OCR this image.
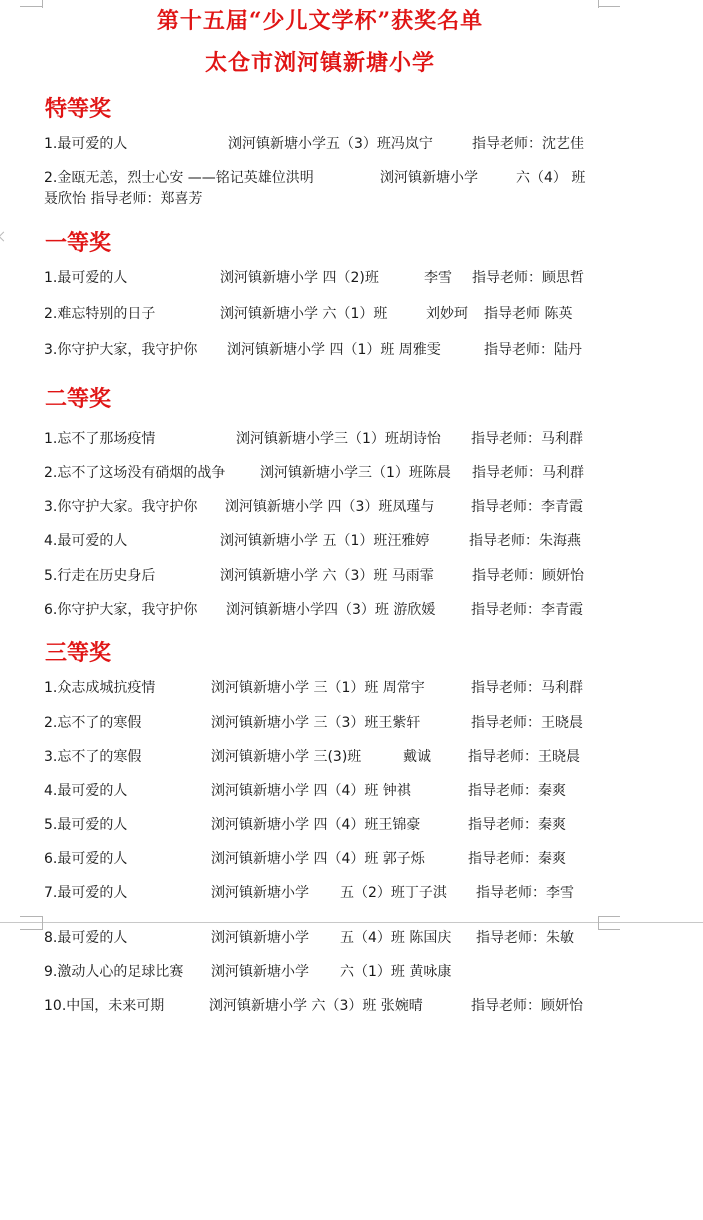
第十五届“少儿文学杯”获奖名单
太仓市浏河镇新塘小学
特等奖
1.最可爱的人	浏河镇新塘小学五（3）班冯岚宁	指导老师：沈艺佳
2.金瓯无恙，烈士心安 ——铭记英雄位洪明	浏河镇新塘小学	六（4） 班
聂欣怡 指导老师：郑喜芳
一等奖
1.最可爱的人	浏河镇新塘小学 四（2)班	李雪 指导老师：顾思哲
2.难忘特别的日子	浏河镇新塘小学 六（1）班	刘妙珂 指导老师 陈英
3.你守护大家，我守护你 浏河镇新塘小学 四（1）班 周雅雯	指导老师：陆丹
二等奖
1.忘不了那场疫情	浏河镇新塘小学三（1）班胡诗怡 指导老师：马利群
2.忘不了这场没有硝烟的战争 浏河镇新塘小学三（1）班陈晨 指导老师：马利群
3.你守护大家。我守护你 浏河镇新塘小学 四（3）班凤瑾与	指导老师：李青霞
4.最可爱的人	浏河镇新塘小学 五（1）班汪雅婷	指导老师：朱海燕
5.行走在历史身后	浏河镇新塘小学 六（3）班 马雨霏	指导老师：顾妍怡
6.你守护大家，我守护你 浏河镇新塘小学四（3）班 游欣媛	指导老师：李青霞
三等奖
1.众志成城抗疫情	浏河镇新塘小学 三（1）班 周常宇	指导老师：马利群
2.忘不了的寒假	浏河镇新塘小学 三（3）班王紫轩	指导老师：王晓晨
3.忘不了的寒假	浏河镇新塘小学 三(3)班	戴诚	指导老师：王晓晨
4.最可爱的人	浏河镇新塘小学 四（4）班 钟祺	指导老师：秦爽
5.最可爱的人	浏河镇新塘小学 四（4）班王锦豪	指导老师：秦爽
6.最可爱的人	浏河镇新塘小学 四（4）班 郭子烁	指导老师：秦爽
7.最可爱的人	浏河镇新塘小学 五（2）班丁子淇 指导老师：李雪
8.最可爱的人	浏河镇新塘小学 五（4）班 陈国庆 指导老师：朱敏
9.激动人心的足球比赛 浏河镇新塘小学 六（1）班 黄咏康
10.中国，未来可期	浏河镇新塘小学 六（3）班 张婉晴	指导老师：顾妍怡
